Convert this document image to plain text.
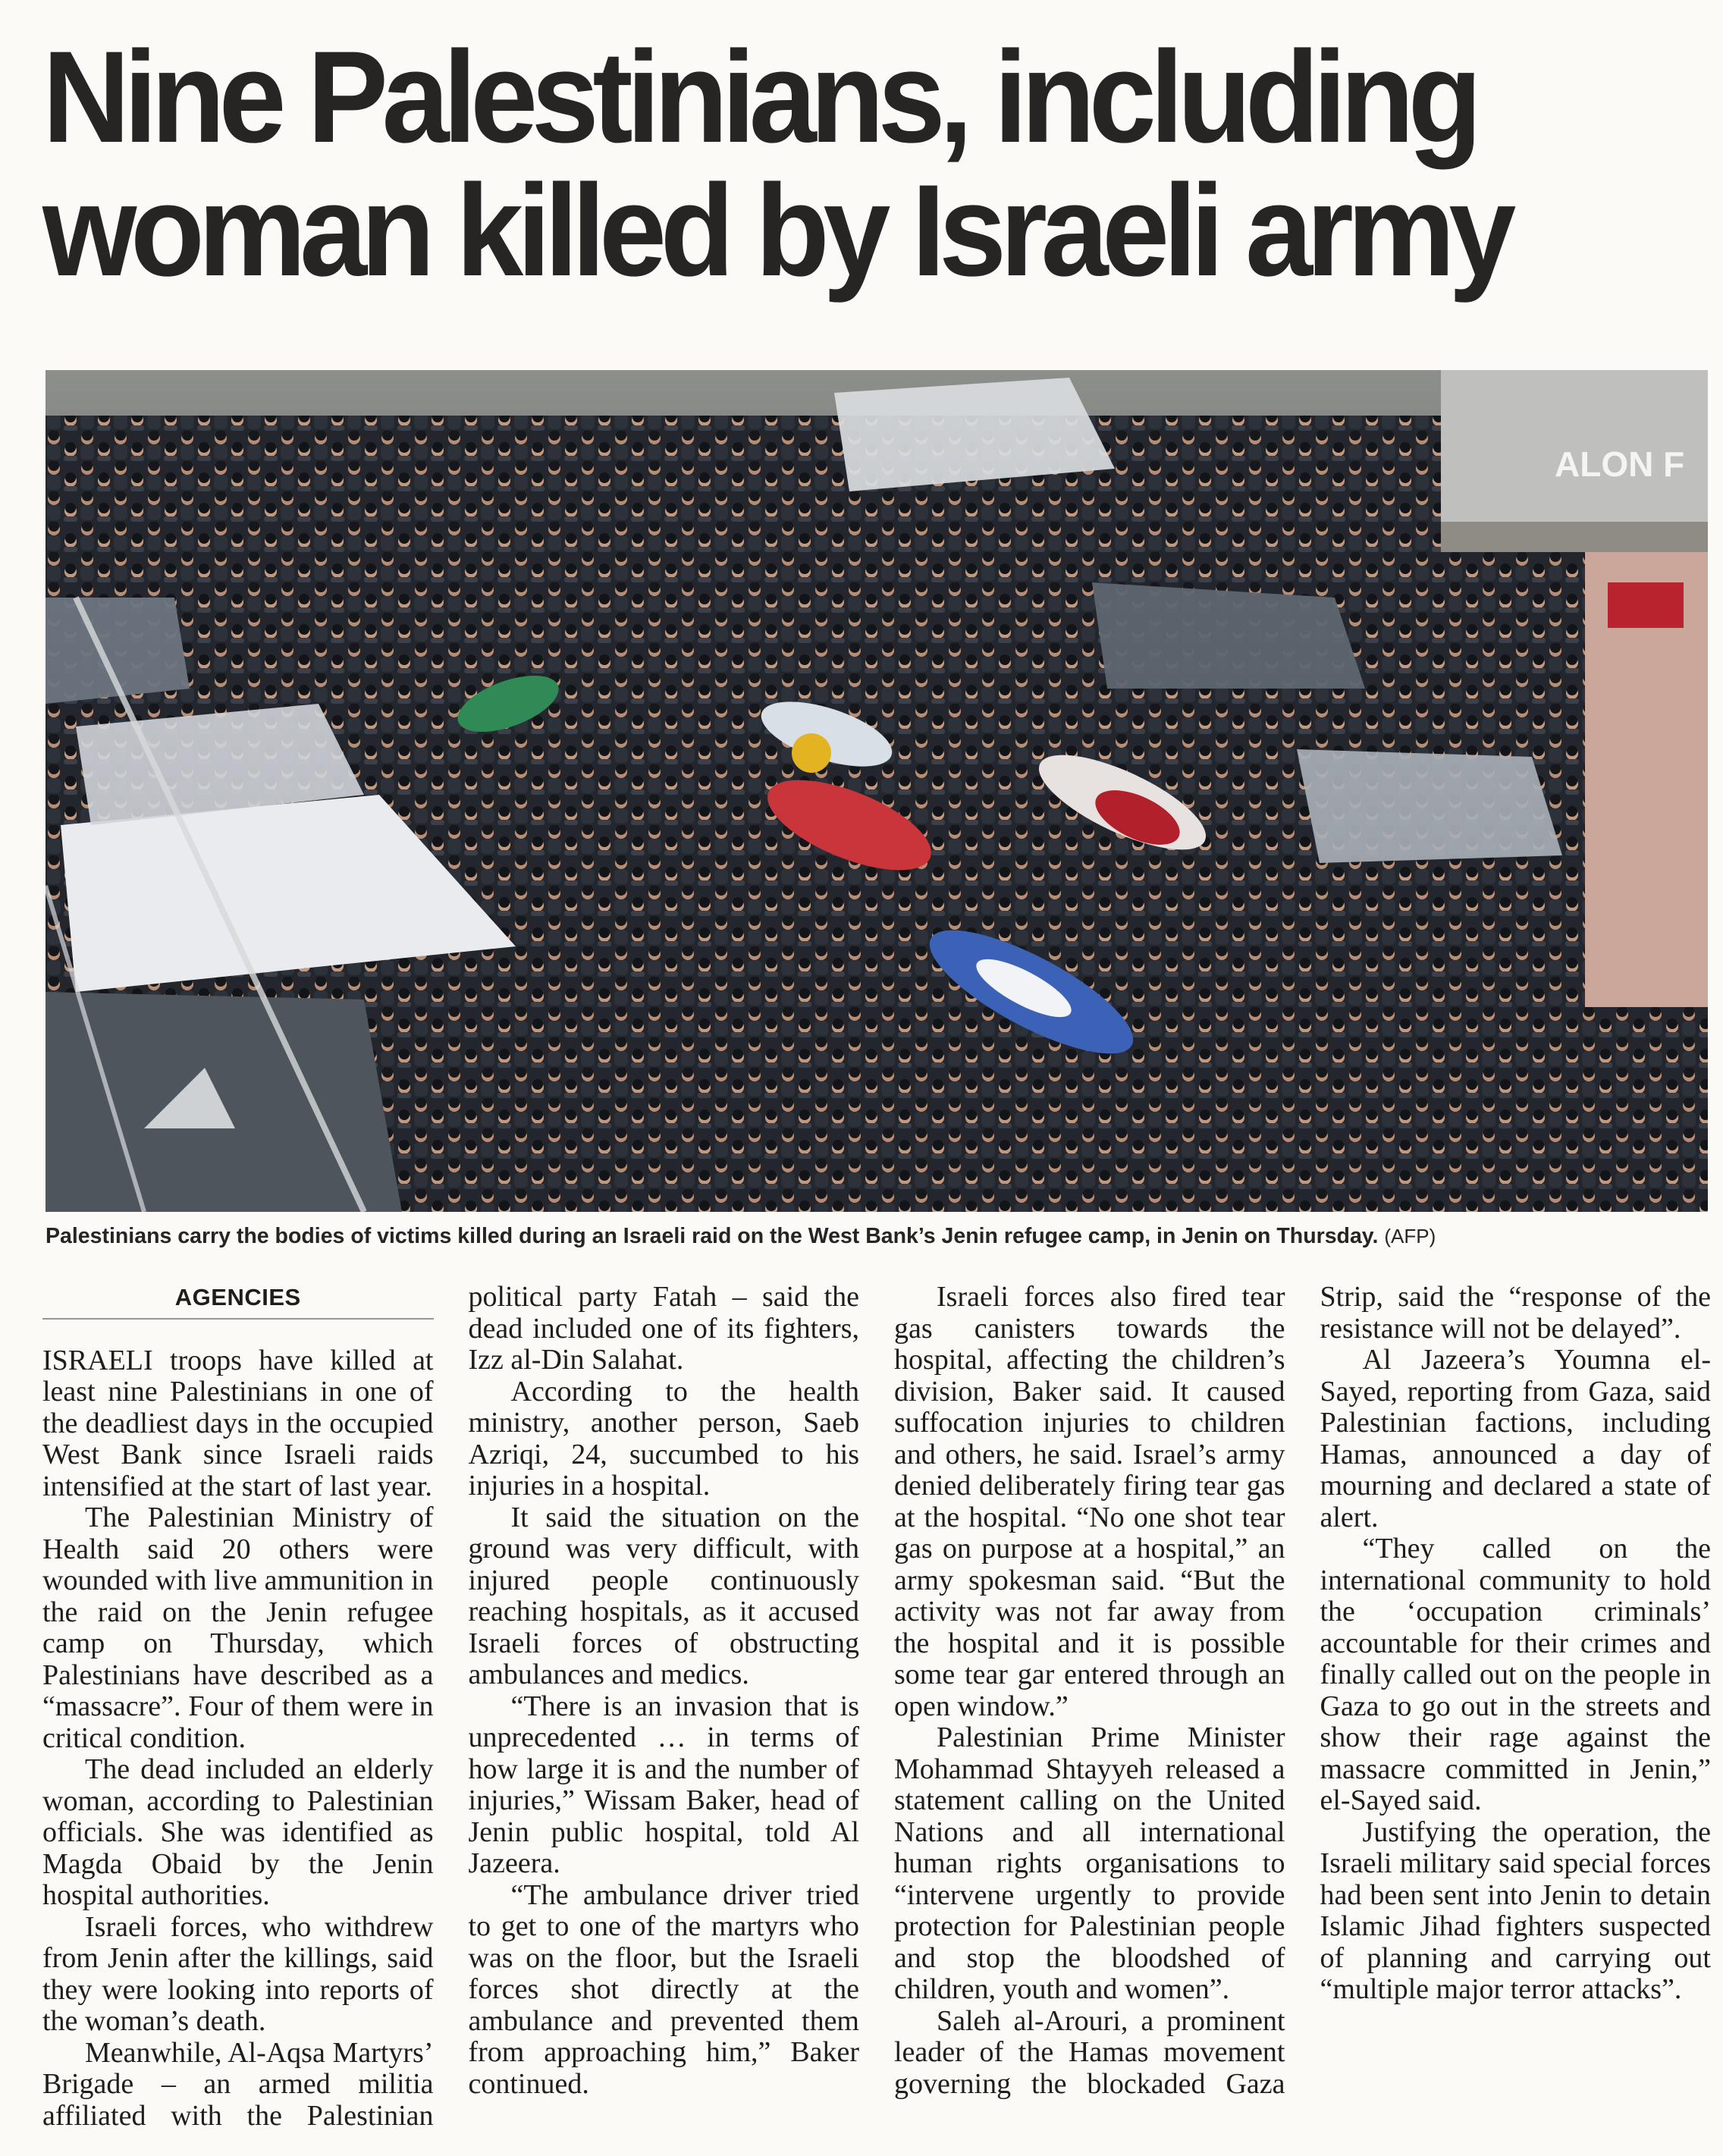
Nine Palestinians, including
woman killed by Israeli army
ALON F
Palestinians carry the bodies of victims killed during an Israeli raid on the West Bank’s Jenin refugee camp, in Jenin on Thursday. (AFP)
AGENCIES

ISRAELI troops have killed at least nine Palestinians in one of the deadliest days in the occupied West Bank since Israeli raids intensified at the start of last year.

The Palestinian Ministry of Health said 20 others were wounded with live ammunition in the raid on the Jenin refugee camp on Thursday, which Palestinians have described as a “massacre”. Four of them were in critical condition.

The dead included an elderly woman, according to Palestinian officials. She was identified as Magda Obaid by the Jenin hospital authorities.

Israeli forces, who withdrew from Jenin after the killings, said they were looking into reports of the woman’s death.

Meanwhile, Al-Aqsa Martyrs’ Brigade – an armed militia affiliated with the Palestinian political party Fatah – said the dead included one of its fighters, Izz al-Din Salahat.

According to the health ministry, another person, Saeb Azriqi, 24, succumbed to his injuries in a hospital.

It said the situation on the ground was very difficult, with injured people continuously reaching hospitals, as it accused Israeli forces of obstructing ambulances and medics.

“There is an invasion that is unprecedented … in terms of how large it is and the number of injuries,” Wissam Baker, head of Jenin public hospital, told Al Jazeera.

“The ambulance driver tried to get to one of the martyrs who was on the floor, but the Israeli forces shot directly at the ambulance and prevented them from approaching him,” Baker continued.

Israeli forces also fired tear gas canisters towards the hospital, affecting the children’s division, Baker said. It caused suffocation injuries to children and others, he said. Israel’s army denied deliberately firing tear gas at the hospital. “No one shot tear gas on purpose at a hospital,” an army spokesman said. “But the activity was not far away from the hospital and it is possible some tear gar entered through an open window.”

Palestinian Prime Minister Mohammad Shtayyeh released a statement calling on the United Nations and all international human rights organisations to “intervene urgently to provide protection for Palestinian people and stop the bloodshed of children, youth and women”.

Saleh al-Arouri, a prominent leader of the Hamas movement governing the blockaded Gaza Strip, said the “response of the resistance will not be delayed”.

Al Jazeera’s Youmna el-Sayed, reporting from Gaza, said Palestinian factions, including Hamas, announced a day of mourning and declared a state of alert.

“They called on the international community to hold the ‘occupation criminals’ accountable for their crimes and finally called out on the people in Gaza to go out in the streets and show their rage against the massacre committed in Jenin,” el-Sayed said.

Justifying the operation, the Israeli military said special forces had been sent into Jenin to detain Islamic Jihad fighters suspected of planning and carrying out “multiple major terror attacks”.
